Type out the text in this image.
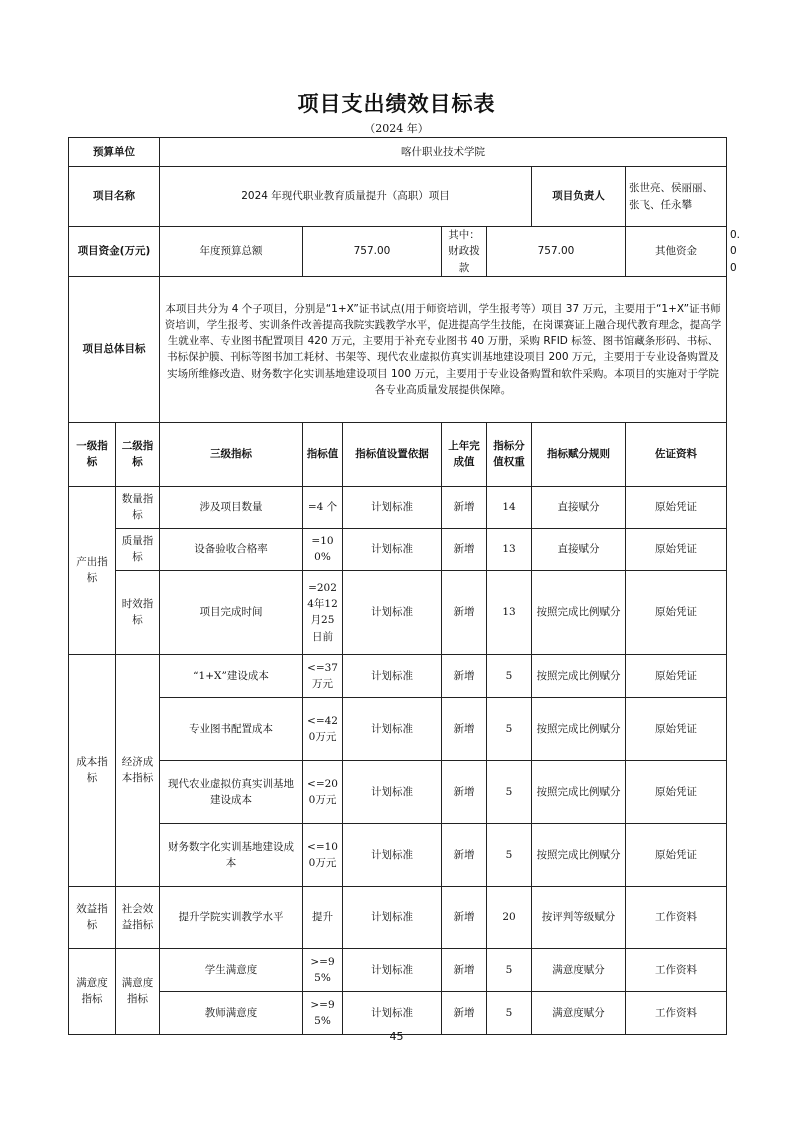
项目支出绩效目标表
（2024 年）
预算单位		喀什职业技术学院							
项目名称		2024 年现代职业教育质量提升（高职）项目					项目负责人	张世亮、侯丽丽、张飞、任永攀	
项目资金(万元)		年度预算总额	757.00		其中：财政拨款	757.00		其他资金	0.00
项目总体目标		本项目共分为 4 个子项目，分别是“1+X”证书试点(用于师资培训，学生报考等）项目 37 万元，主要用于“1+X”证书师资培训，学生报考、实训条件改善提高我院实践教学水平，促进提高学生技能，在岗课赛证上融合现代教育理念，提高学生就业率、专业图书配置项目 420 万元，主要用于补充专业图书 40 万册，采购 RFID 标签、图书馆藏条形码、书标、书标保护膜、刊标等图书加工耗材、书架等、现代农业虚拟仿真实训基地建设项目 200 万元，主要用于专业设备购置及实场所维修改造、财务数字化实训基地建设项目 100 万元，主要用于专业设备购置和软件采购。本项目的实施对于学院各专业高质量发展提供保障。							
一级指标	二级指标	三级指标	指标值	指标值设置依据	上年完成值	指标分值权重	指标赋分规则	佐证资料	
产出指标	数量指标	涉及项目数量	=4 个	计划标准	新增	14	直接赋分	原始凭证	
	质量指标	设备验收合格率	=100%	计划标准	新增	13	直接赋分	原始凭证	
	时效指标	项目完成时间	=2024年12月25日前	计划标准	新增	13	按照完成比例赋分	原始凭证	
成本指标	经济成本指标	“1+X”建设成本	<=37万元	计划标准	新增	5	按照完成比例赋分	原始凭证	
		专业图书配置成本	<=420万元	计划标准	新增	5	按照完成比例赋分	原始凭证	
		现代农业虚拟仿真实训基地建设成本	<=200万元	计划标准	新增	5	按照完成比例赋分	原始凭证	
		财务数字化实训基地建设成本	<=100万元	计划标准	新增	5	按照完成比例赋分	原始凭证	
效益指标	社会效益指标	提升学院实训教学水平	提升	计划标准	新增	20	按评判等级赋分	工作资料	
满意度指标	满意度指标	学生满意度	>=95%	计划标准	新增	5	满意度赋分	工作资料	
		教师满意度	>=95%	计划标准	新增	5	满意度赋分	工作资料	
45
